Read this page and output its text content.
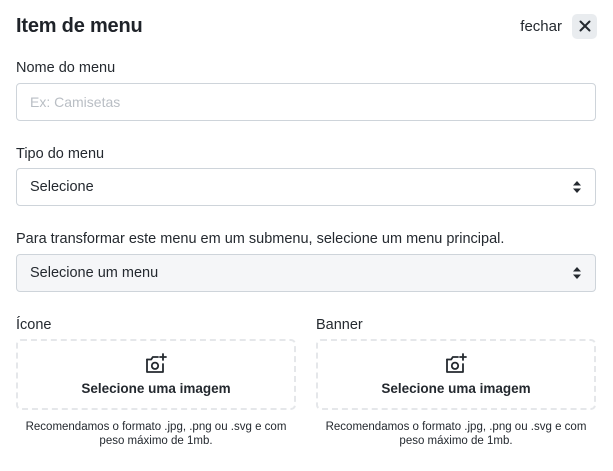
Item de menu	fechar
Nome do menu
Ex: Camisetas
Tipo do menu
Selecione
Para transformar este menu em um submenu, selecione um menu principal.
Selecione um menu
Ícone
Selecione uma imagem
Recomendamos o formato .jpg, .png ou .svg e com peso máximo de 1mb.
Banner
Selecione uma imagem
Recomendamos o formato .jpg, .png ou .svg e com peso máximo de 1mb.
